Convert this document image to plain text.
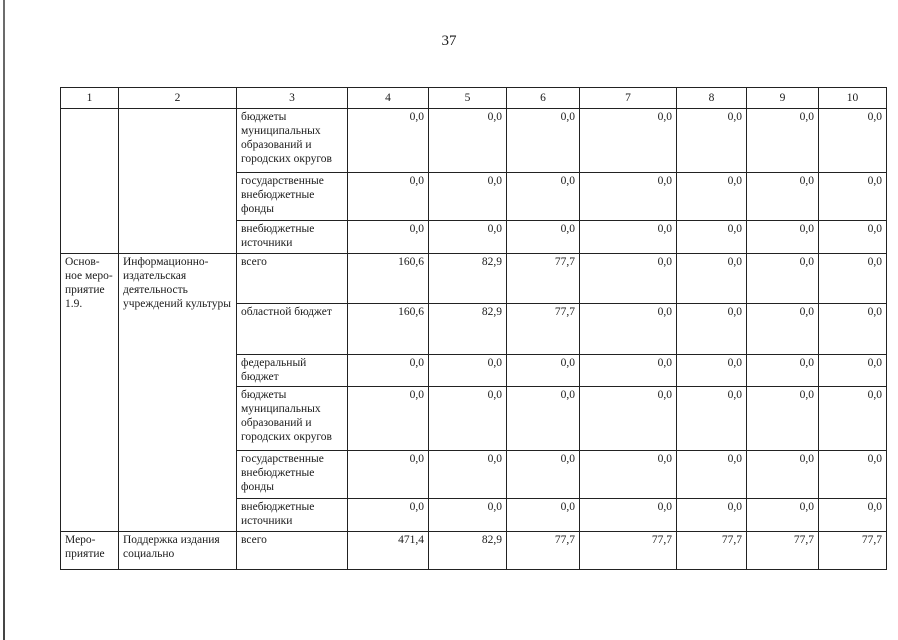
37
1	2	3	4	5	6	7	8	9	10
		бюджеты муниципальных образований и городских округов	0,0	0,0	0,0	0,0	0,0	0,0	0,0
		государственные внебюджетные фонды	0,0	0,0	0,0	0,0	0,0	0,0	0,0
		внебюджетные источники	0,0	0,0	0,0	0,0	0,0	0,0	0,0
Основ-ное меро-приятие 1.9.	Информационно-издательская деятельность учреждений культуры	всего	160,6	82,9	77,7	0,0	0,0	0,0	0,0
		областной бюджет	160,6	82,9	77,7	0,0	0,0	0,0	0,0
		федеральный бюджет	0,0	0,0	0,0	0,0	0,0	0,0	0,0
		бюджеты муниципальных образований и городских округов	0,0	0,0	0,0	0,0	0,0	0,0	0,0
		государственные внебюджетные фонды	0,0	0,0	0,0	0,0	0,0	0,0	0,0
		внебюджетные источники	0,0	0,0	0,0	0,0	0,0	0,0	0,0
Меро-приятие	Поддержка издания социально	всего	471,4	82,9	77,7	77,7	77,7	77,7	77,7
